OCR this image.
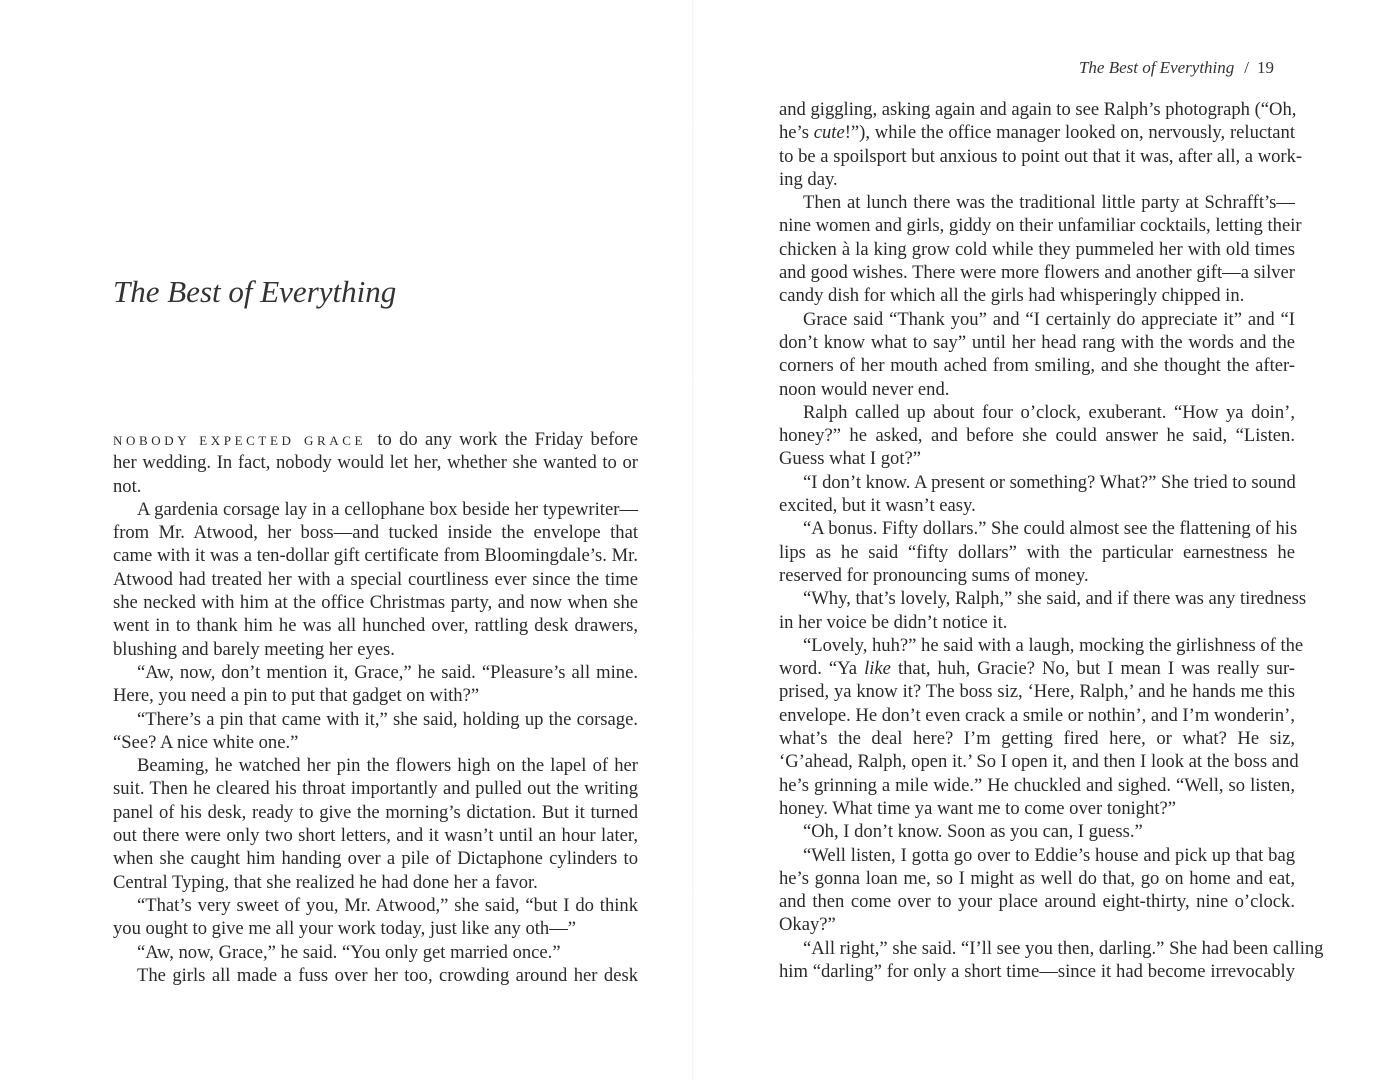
The Best of Everything
NOBODY EXPECTED GRACE to do any work the Friday before
her wedding. In fact, nobody would let her, whether she wanted to or
not.
A gardenia corsage lay in a cellophane box beside her typewriter—
from Mr. Atwood, her boss—and tucked inside the envelope that
came with it was a ten-dollar gift certificate from Bloomingdale’s. Mr.
Atwood had treated her with a special courtliness ever since the time
she necked with him at the office Christmas party, and now when she
went in to thank him he was all hunched over, rattling desk drawers,
blushing and barely meeting her eyes.
“Aw, now, don’t mention it, Grace,” he said. “Pleasure’s all mine.
Here, you need a pin to put that gadget on with?”
“There’s a pin that came with it,” she said, holding up the corsage.
“See? A nice white one.”
Beaming, he watched her pin the flowers high on the lapel of her
suit. Then he cleared his throat importantly and pulled out the writing
panel of his desk, ready to give the morning’s dictation. But it turned
out there were only two short letters, and it wasn’t until an hour later,
when she caught him handing over a pile of Dictaphone cylinders to
Central Typing, that she realized he had done her a favor.
“That’s very sweet of you, Mr. Atwood,” she said, “but I do think
you ought to give me all your work today, just like any oth—”
“Aw, now, Grace,” he said. “You only get married once.”
The girls all made a fuss over her too, crowding around her desk
The Best of Everything / 19
and giggling, asking again and again to see Ralph’s photograph (“Oh,
he’s cute!”), while the office manager looked on, nervously, reluctant
to be a spoilsport but anxious to point out that it was, after all, a work-
ing day.
Then at lunch there was the traditional little party at Schrafft’s—
nine women and girls, giddy on their unfamiliar cocktails, letting their
chicken à la king grow cold while they pummeled her with old times
and good wishes. There were more flowers and another gift—a silver
candy dish for which all the girls had whisperingly chipped in.
Grace said “Thank you” and “I certainly do appreciate it” and “I
don’t know what to say” until her head rang with the words and the
corners of her mouth ached from smiling, and she thought the after-
noon would never end.
Ralph called up about four o’clock, exuberant. “How ya doin’,
honey?” he asked, and before she could answer he said, “Listen.
Guess what I got?”
“I don’t know. A present or something? What?” She tried to sound
excited, but it wasn’t easy.
“A bonus. Fifty dollars.” She could almost see the flattening of his
lips as he said “fifty dollars” with the particular earnestness he
reserved for pronouncing sums of money.
“Why, that’s lovely, Ralph,” she said, and if there was any tiredness
in her voice be didn’t notice it.
“Lovely, huh?” he said with a laugh, mocking the girlishness of the
word. “Ya like that, huh, Gracie? No, but I mean I was really sur-
prised, ya know it? The boss siz, ‘Here, Ralph,’ and he hands me this
envelope. He don’t even crack a smile or nothin’, and I’m wonderin’,
what’s the deal here? I’m getting fired here, or what? He siz,
‘G’ahead, Ralph, open it.’ So I open it, and then I look at the boss and
he’s grinning a mile wide.” He chuckled and sighed. “Well, so listen,
honey. What time ya want me to come over tonight?”
“Oh, I don’t know. Soon as you can, I guess.”
“Well listen, I gotta go over to Eddie’s house and pick up that bag
he’s gonna loan me, so I might as well do that, go on home and eat,
and then come over to your place around eight-thirty, nine o’clock.
Okay?”
“All right,” she said. “I’ll see you then, darling.” She had been calling
him “darling” for only a short time—since it had become irrevocably
